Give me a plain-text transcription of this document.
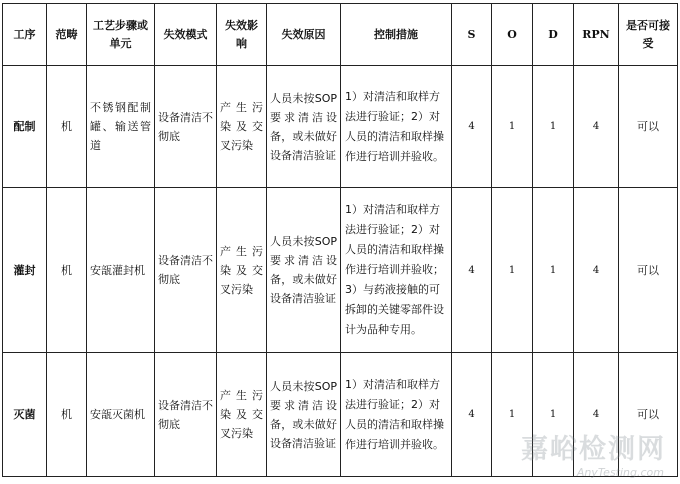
工序	范畴	工艺步骤或单元	失效模式	失效影响	失效原因	控制措施	S	O	D	RPN	是否可接受
配制	机	不锈钢配制罐、输送管道	设备清洁不彻底	产生污染及交叉污染	人员未按SOP要求清洁设备，或未做好设备清洁验证	1）对清洁和取样方法进行验证；2）对人员的清洁和取样操作进行培训并验收。	4	1	1	4	可以
灌封	机	安瓿灌封机	设备清洁不彻底	产生污染及交叉污染	人员未按SOP要求清洁设备，或未做好设备清洁验证	1）对清洁和取样方法进行验证；2）对人员的清洁和取样操作进行培训并验收；3）与药液接触的可拆卸的关键零部件设计为品种专用。	4	1	1	4	可以
灭菌	机	安瓿灭菌机	设备清洁不彻底	产生污染及交叉污染	人员未按SOP要求清洁设备，或未做好设备清洁验证	1）对清洁和取样方法进行验证；2）对人员的清洁和取样操作进行培训并验收。	4	1	1	4	可以
嘉峪检测网
AnyTesting.com
